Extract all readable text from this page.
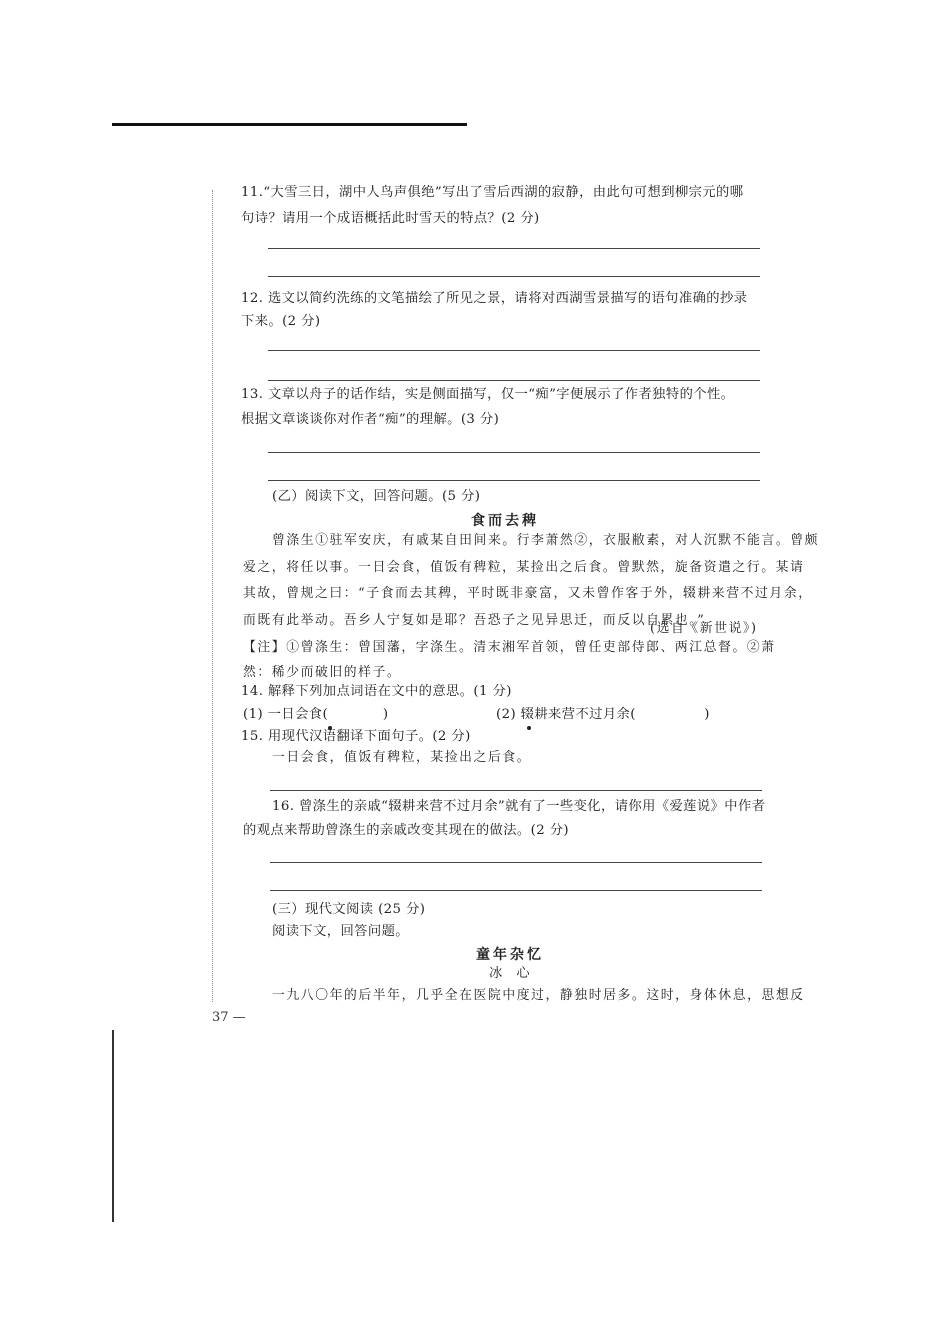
11.“大雪三日，湖中人鸟声俱绝”写出了雪后西湖的寂静，由此句可想到柳宗元的哪
句诗？请用一个成语概括此时雪天的特点？(2 分)
12. 选文以简约洗练的文笔描绘了所见之景，请将对西湖雪景描写的语句准确的抄录
下来。(2 分)
13. 文章以舟子的话作结，实是侧面描写，仅一“痴”字便展示了作者独特的个性。
根据文章谈谈你对作者“痴”的理解。(3 分)
(乙）阅读下文，回答问题。(5 分)
食而去稗
曾涤生①驻军安庆，有戚某自田间来。行李萧然②，衣服敝素，对人沉默不能言。曾颇
爱之，将任以事。一日会食，值饭有稗粒，某捡出之后食。曾默然，旋备资遣之行。某请
其故，曾规之曰：“子食而去其稗，平时既非豪富，又未曾作客于外，辍耕来营不过月余，
而既有此举动。吾乡人宁复如是耶？吾恐子之见异思迁，而反以自累也。”
(选自《新世说》)
【注】①曾涤生：曾国藩，字涤生。清末湘军首领，曾任吏部侍郎、两江总督。②萧
然：稀少而破旧的样子。
14. 解释下列加点词语在文中的意思。(1 分)
(1) 一日会食(　　　　)	(2) 辍耕来营不过月余(　　　　　)
15. 用现代汉语翻译下面句子。(2 分)
一日会食，值饭有稗粒，某捡出之后食。
16. 曾涤生的亲戚“辍耕来营不过月余”就有了一些变化，请你用《爱莲说》中作者
的观点来帮助曾涤生的亲戚改变其现在的做法。(2 分)
(三）现代文阅读 (25 分)
阅读下文，回答问题。
童年杂忆
冰　心
一九八〇年的后半年，几乎全在医院中度过，静独时居多。这时，身体休息，思想反
37 —
